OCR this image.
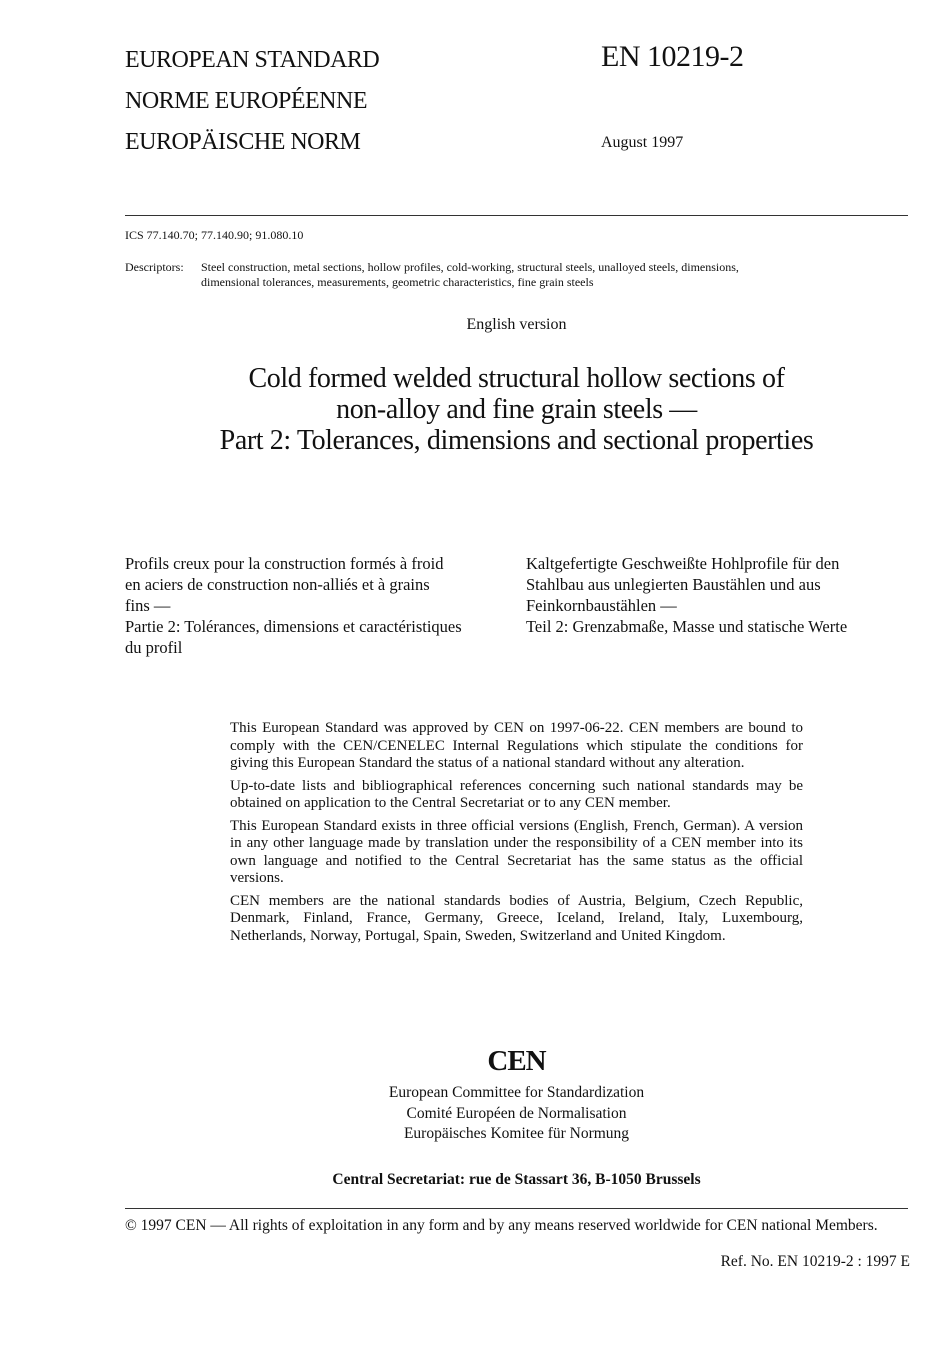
EUROPEAN STANDARD
NORME EUROPÉENNE
EUROPÄISCHE NORM
EN 10219-2
August 1997
ICS 77.140.70; 77.140.90; 91.080.10
Descriptors: Steel construction, metal sections, hollow profiles, cold-working, structural steels, unalloyed steels, dimensions,
dimensional tolerances, measurements, geometric characteristics, fine grain steels
English version
Cold formed welded structural hollow sections of
non-alloy and fine grain steels —
Part 2: Tolerances, dimensions and sectional properties
Profils creux pour la construction formés à froid
en aciers de construction non-alliés et à grains
fins —
Partie 2: Tolérances, dimensions et caractéristiques
du profil
Kaltgefertigte Geschweißte Hohlprofile für den
Stahlbau aus unlegierten Baustählen und aus
Feinkornbaustählen —
Teil 2: Grenzabmaße, Masse und statische Werte

This European Standard was approved by CEN on 1997-06-22. CEN members are bound to comply with the CEN/CENELEC Internal Regulations which stipulate the conditions for giving this European Standard the status of a national standard without any alteration.

Up-to-date lists and bibliographical references concerning such national standards may be obtained on application to the Central Secretariat or to any CEN member.

This European Standard exists in three official versions (English, French, German). A version in any other language made by translation under the responsibility of a CEN member into its own language and notified to the Central Secretariat has the same status as the official versions.

CEN members are the national standards bodies of Austria, Belgium, Czech Republic, Denmark, Finland, France, Germany, Greece, Iceland, Ireland, Italy, Luxembourg, Netherlands, Norway, Portugal, Spain, Sweden, Switzerland and United Kingdom.

CEN
European Committee for Standardization
Comité Européen de Normalisation
Europäisches Komitee für Normung
Central Secretariat: rue de Stassart 36, B-1050 Brussels
© 1997 CEN — All rights of exploitation in any form and by any means reserved worldwide for CEN national Members.
Ref. No. EN 10219-2 : 1997 E
